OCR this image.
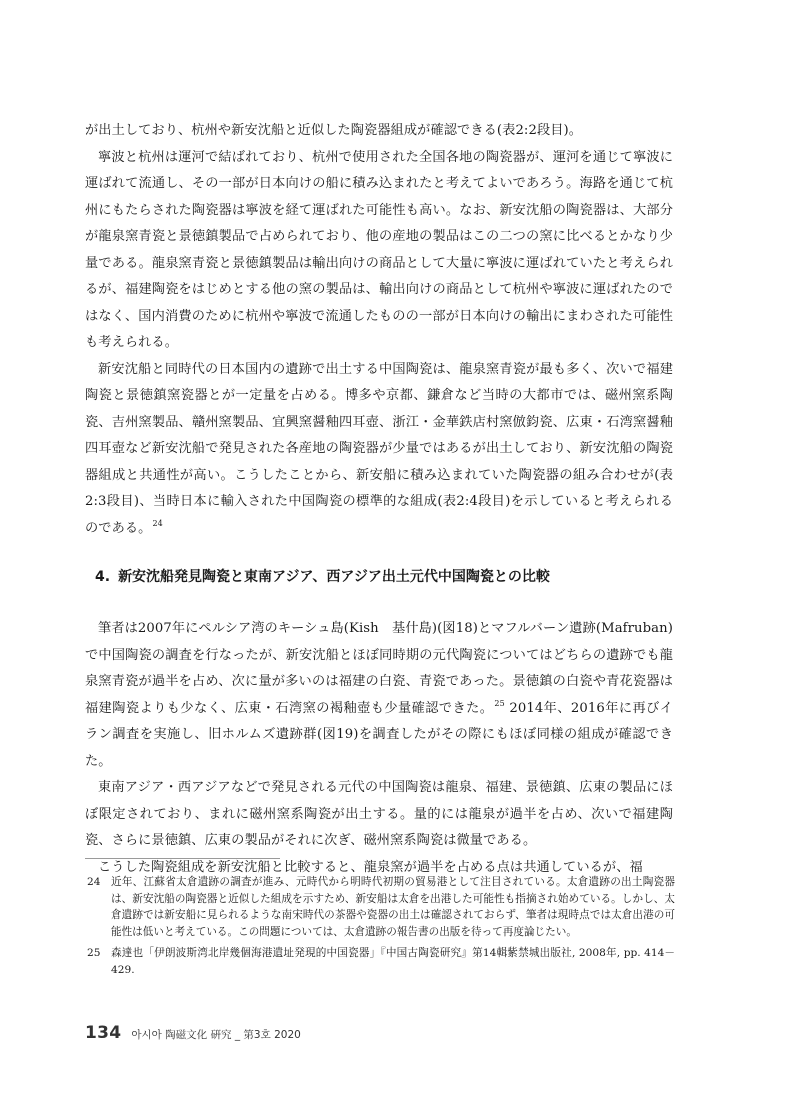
が出土しており、杭州や新安沈船と近似した陶瓷器組成が確認できる(表2:2段目)。

寧波と杭州は運河で結ばれており、杭州で使用された全国各地の陶瓷器が、運河を通じて寧波に運ばれて流通し、その一部が日本向けの船に積み込まれたと考えてよいであろう。海路を通じて杭州にもたらされた陶瓷器は寧波を経て運ばれた可能性も高い。なお、新安沈船の陶瓷器は、大部分が龍泉窯青瓷と景徳鎮製品で占められており、他の産地の製品はこの二つの窯に比べるとかなり少量である。龍泉窯青瓷と景徳鎮製品は輸出向けの商品として大量に寧波に運ばれていたと考えられるが、福建陶瓷をはじめとする他の窯の製品は、輸出向けの商品として杭州や寧波に運ばれたのではなく、国内消費のために杭州や寧波で流通したものの一部が日本向けの輸出にまわされた可能性も考えられる。

新安沈船と同時代の日本国内の遺跡で出土する中国陶瓷は、龍泉窯青瓷が最も多く、次いで福建陶瓷と景徳鎮窯瓷器とが一定量を占める。博多や京都、鎌倉など当時の大都市では、磁州窯系陶瓷、吉州窯製品、贛州窯製品、宜興窯醤釉四耳壺、浙江・金華鉄店村窯倣鈞瓷、広東・石湾窯醤釉四耳壺など新安沈船で発見された各産地の陶瓷器が少量ではあるが出土しており、新安沈船の陶瓷器組成と共通性が高い。こうしたことから、新安船に積み込まれていた陶瓷器の組み合わせが(表2:3段目)、当時日本に輸入された中国陶瓷の標準的な組成(表2:4段目)を示していると考えられるのである。$^{24}$

4. 新安沈船発見陶瓷と東南アジア、西アジア出土元代中国陶瓷との比較

筆者は2007年にペルシア湾のキーシュ島(Kish　基什島)(図18)とマフルバーン遺跡(Mafruban)で中国陶瓷の調査を行なったが、新安沈船とほぼ同時期の元代陶瓷についてはどちらの遺跡でも龍泉窯青瓷が過半を占め、次に量が多いのは福建の白瓷、青瓷であった。景徳鎮の白瓷や青花瓷器は福建陶瓷よりも少なく、広東・石湾窯の褐釉壺も少量確認できた。$^{25}$ 2014年、2016年に再びイラン調査を実施し、旧ホルムズ遺跡群(図19)を調査したがその際にもほぼ同様の組成が確認できた。

東南アジア・西アジアなどで発見される元代の中国陶瓷は龍泉、福建、景徳鎮、広東の製品にほぼ限定されており、まれに磁州窯系陶瓷が出土する。量的には龍泉が過半を占め、次いで福建陶瓷、さらに景徳鎮、広東の製品がそれに次ぎ、磁州窯系陶瓷は微量である。

こうした陶瓷組成を新安沈船と比較すると、龍泉窯が過半を占める点は共通しているが、福

24 近年、江蘇省太倉遺跡の調査が進み、元時代から明時代初期の貿易港として注目されている。太倉遺跡の出土陶瓷器は、新安沈船の陶瓷器と近似した組成を示すため、新安船は太倉を出港した可能性も指摘され始めている。しかし、太倉遺跡では新安船に見られるような南宋時代の茶器や瓷器の出土は確認されておらず、筆者は現時点では太倉出港の可能性は低いと考えている。この問題については、太倉遺跡の報告書の出版を待って再度論じたい。
25 森達也「伊朗波斯湾北岸幾個海港遺址発現的中国瓷器」『中国古陶瓷研究』第14輯紫禁城出版社, 2008年, pp. 414－429.
134 아시아 陶磁文化 硏究 _ 第3호 2020
